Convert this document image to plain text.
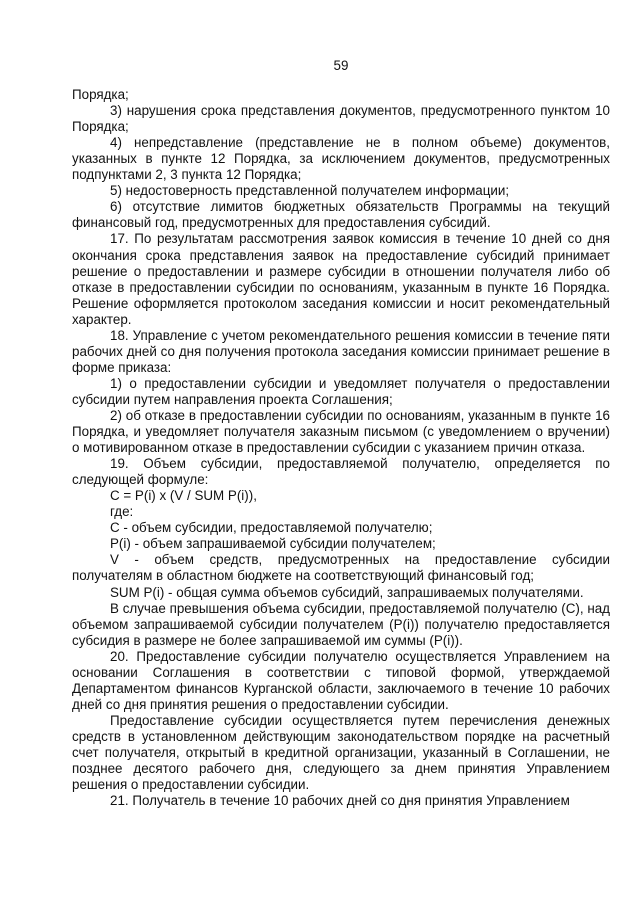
59

Порядка;

3) нарушения срока представления документов, предусмотренного пунктом 10 Порядка;

4) непредставление (представление не в полном объеме) документов, указанных в пункте 12 Порядка, за исключением документов, предусмотренных подпунктами 2, 3 пункта 12 Порядка;

5) недостоверность представленной получателем информации;

6) отсутствие лимитов бюджетных обязательств Программы на текущий финансовый год, предусмотренных для предоставления субсидий.

17. По результатам рассмотрения заявок комиссия в течение 10 дней со дня окончания срока представления заявок на предоставление субсидий принимает решение о предоставлении и размере субсидии в отношении получателя либо об отказе в предоставлении субсидии по основаниям, указанным в пункте 16 Порядка. Решение оформляется протоколом заседания комиссии и носит рекомендательный характер.

18. Управление с учетом рекомендательного решения комиссии в течение пяти рабочих дней со дня получения протокола заседания комиссии принимает решение в форме приказа:

1) о предоставлении субсидии и уведомляет получателя о предоставлении субсидии путем направления проекта Соглашения;

2) об отказе в предоставлении субсидии по основаниям, указанным в пункте 16 Порядка, и уведомляет получателя заказным письмом (с уведомлением о вручении) о мотивированном отказе в предоставлении субсидии с указанием причин отказа.

19. Объем субсидии, предоставляемой получателю, определяется по следующей формуле:

С = P(i) x (V / SUM P(i)),

где:

С - объем субсидии, предоставляемой получателю;

P(i) - объем запрашиваемой субсидии получателем;

V - объем средств, предусмотренных на предоставление субсидии получателям в областном бюджете на соответствующий финансовый год;

SUM P(i) - общая сумма объемов субсидий, запрашиваемых получателями.

В случае превышения объема субсидии, предоставляемой получателю (С), над объемом запрашиваемой субсидии получателем (P(i)) получателю предоставляется субсидия в размере не более запрашиваемой им суммы (P(i)).

20. Предоставление субсидии получателю осуществляется Управлением на основании Соглашения в соответствии с типовой формой, утверждаемой Департаментом финансов Курганской области, заключаемого в течение 10 рабочих дней со дня принятия решения о предоставлении субсидии.

Предоставление субсидии осуществляется путем перечисления денежных средств в установленном действующим законодательством порядке на расчетный счет получателя, открытый в кредитной организации, указанный в Соглашении, не позднее десятого рабочего дня, следующего за днем принятия Управлением решения о предоставлении субсидии.

21. Получатель в течение 10 рабочих дней со дня принятия Управлением
